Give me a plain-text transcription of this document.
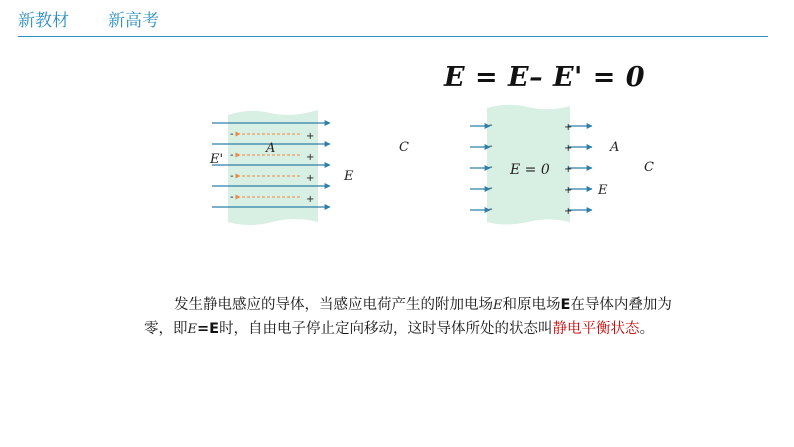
新教材 新高考
E = E– E' = 0
-
-
-
-
+
+
+
+
A
E'
E
C
-
-
-
-
-
+
+
+
+
+
E = 0
A
E
C

发生静电感应的导体，当感应电荷产生的附加电场E和原电场E在导体内叠加为零，即E=E时，自由电子停止定向移动，这时导体所处的状态叫静电平衡状态。
